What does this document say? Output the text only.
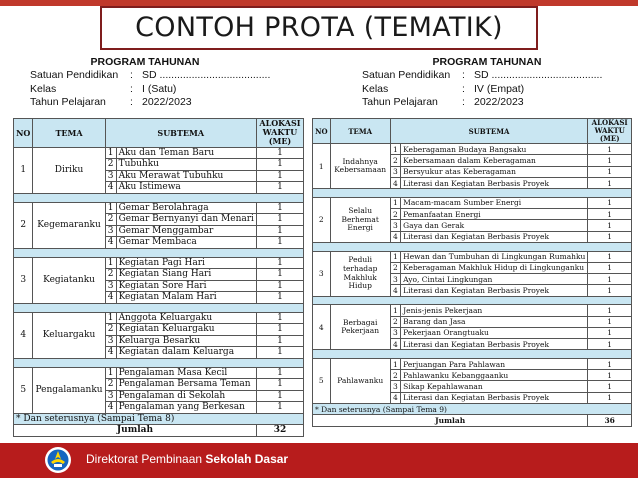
CONTOH PROTA (TEMATIK)
PROGRAM TAHUNAN
Satuan Pendidikan	: SD ......................................
Kelas	: I (Satu)
Tahun Pelajaran	: 2022/2023
PROGRAM TAHUNAN
Satuan Pendidikan	: SD ......................................
Kelas	: IV (Empat)
Tahun Pelajaran	: 2022/2023
NO	TEMA	SUBTEMA		ALOKASI WAKTU (ME)
1	Diriku	1	Aku dan Teman Baru	1
		2	Tubuhku	1
		3	Aku Merawat Tubuhku	1
		4	Aku Istimewa	1

2	Kegemaranku	1	Gemar Berolahraga	1
		2	Gemar Bernyanyi dan Menari	1
		3	Gemar Menggambar	1
		4	Gemar Membaca	1

3	Kegiatanku	1	Kegiatan Pagi Hari	1
		2	Kegiatan Siang Hari	1
		3	Kegiatan Sore Hari	1
		4	Kegiatan Malam Hari	1

4	Keluargaku	1	Anggota Keluargaku	1
		2	Kegiatan Keluargaku	1
		3	Keluarga Besarku	1
		4	Kegiatan dalam Keluarga	1

5	Pengalamanku	1	Pengalaman Masa Kecil	1
		2	Pengalaman Bersama Teman	1
		3	Pengalaman di Sekolah	1
		4	Pengalaman yang Berkesan	1
* Dan seterusnya (Sampai Tema 8)				
Jumlah				32
NO	TEMA	SUBTEMA		ALOKASI WAKTU (ME)
1	Indahnya Kebersamaan	1	Keberagaman Budaya Bangsaku	1
		2	Kebersamaan dalam Keberagaman	1
		3	Bersyukur atas Keberagaman	1
		4	Literasi dan Kegiatan Berbasis Proyek	1

2	Selalu Berhemat Energi	1	Macam-macam Sumber Energi	1
		2	Pemanfaatan Energi	1
		3	Gaya dan Gerak	1
		4	Literasi dan Kegiatan Berbasis Proyek	1

3	Peduli terhadap Makhluk Hidup	1	Hewan dan Tumbuhan di Lingkungan Rumahku	1
		2	Keberagaman Makhluk Hidup di Lingkunganku	1
		3	Ayo, Cintai Lingkungan	1
		4	Literasi dan Kegiatan Berbasis Proyek	1

4	Berbagai Pekerjaan	1	Jenis-jenis Pekerjaan	1
		2	Barang dan Jasa	1
		3	Pekerjaan Orangtuaku	1
		4	Literasi dan Kegiatan Berbasis Proyek	1

5	Pahlawanku	1	Perjuangan Para Pahlawan	1
		2	Pahlawanku Kebanggaanku	1
		3	Sikap Kepahlawanan	1
		4	Literasi dan Kegiatan Berbasis Proyek	1
* Dan seterusnya (Sampai Tema 9)				
Jumlah				36
Direktorat Pembinaan Sekolah Dasar
